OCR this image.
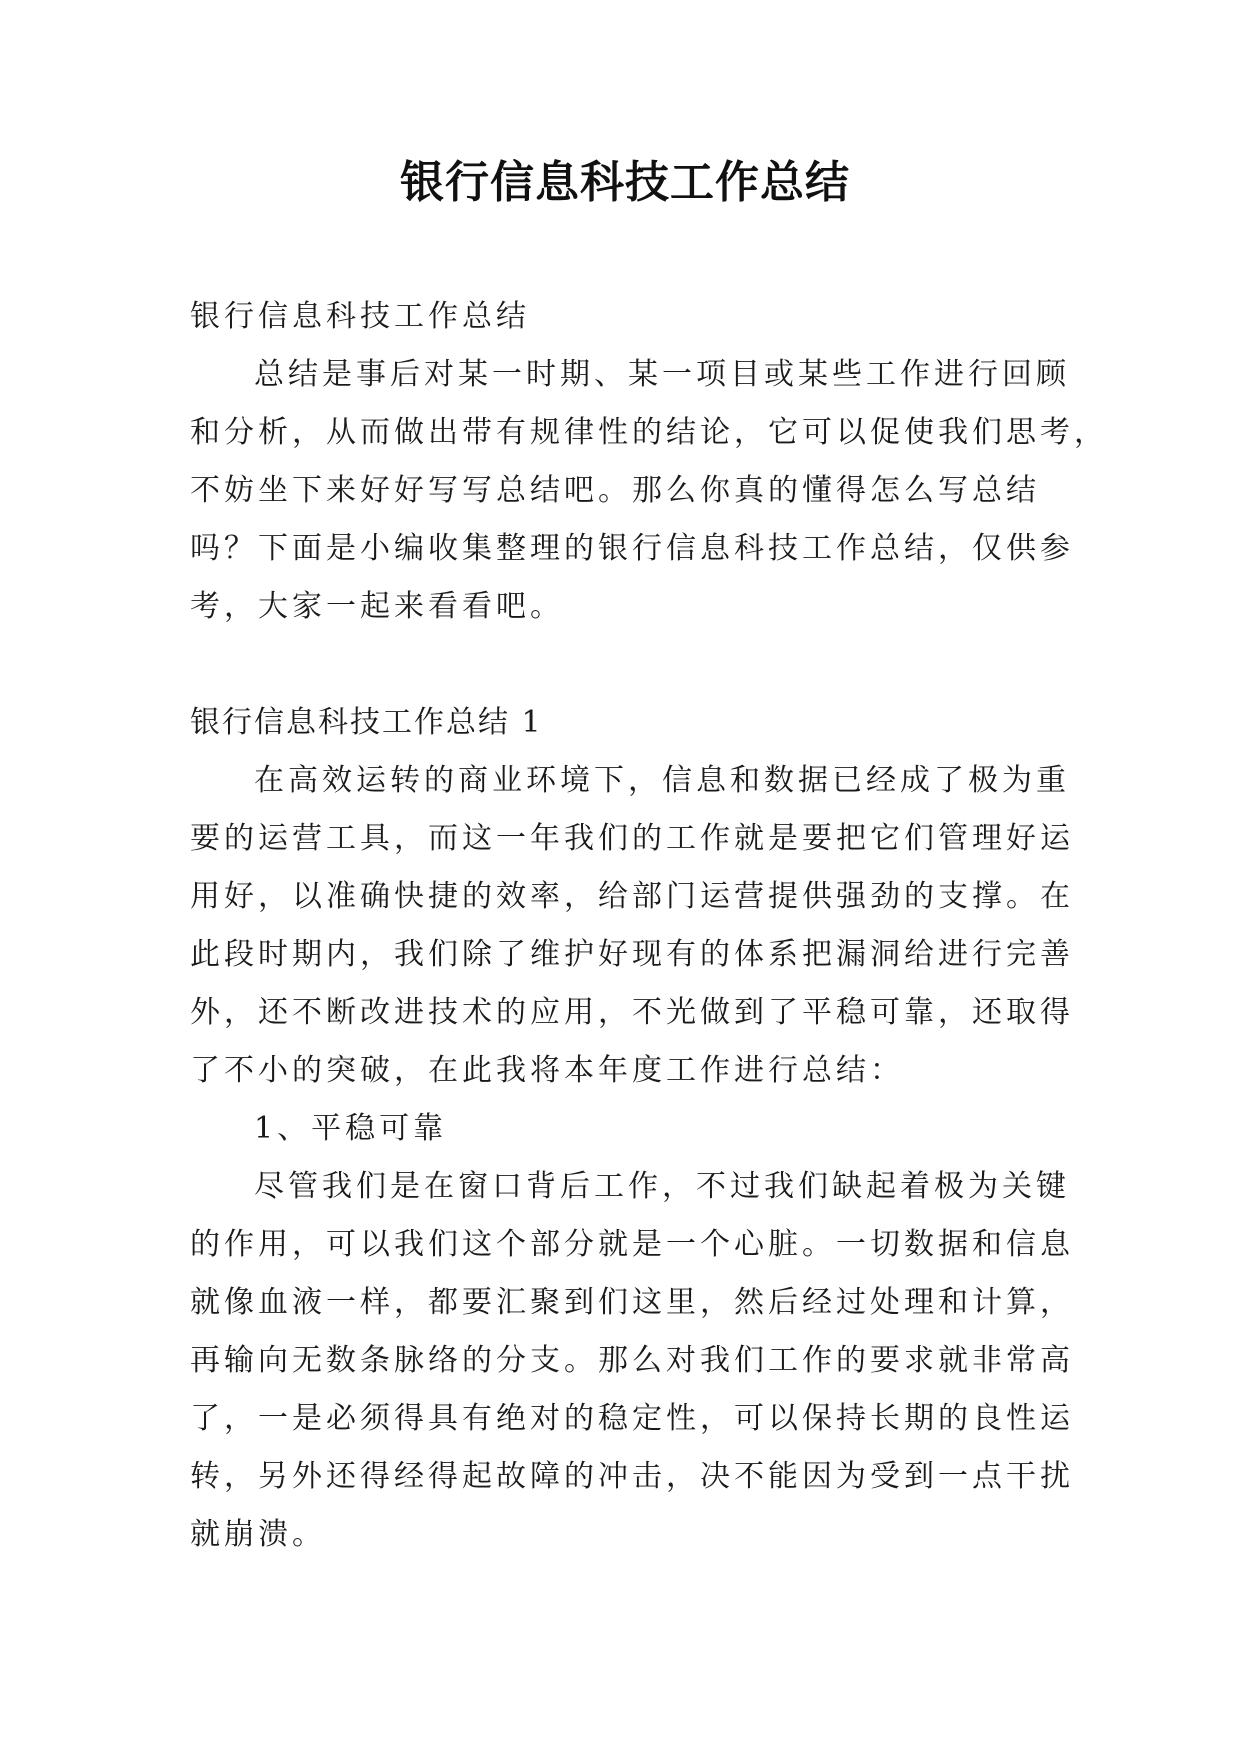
银行信息科技工作总结
银行信息科技工作总结
总结是事后对某一时期、某一项目或某些工作进行回顾
和分析，从而做出带有规律性的结论，它可以促使我们思考，
不妨坐下来好好写写总结吧。那么你真的懂得怎么写总结
吗？下面是小编收集整理的银行信息科技工作总结，仅供参
考，大家一起来看看吧。
银行信息科技工作总结 1
在高效运转的商业环境下，信息和数据已经成了极为重
要的运营工具，而这一年我们的工作就是要把它们管理好运
用好，以准确快捷的效率，给部门运营提供强劲的支撑。在
此段时期内，我们除了维护好现有的体系把漏洞给进行完善
外，还不断改进技术的应用，不光做到了平稳可靠，还取得
了不小的突破，在此我将本年度工作进行总结：
1、平稳可靠
尽管我们是在窗口背后工作，不过我们缺起着极为关键
的作用，可以我们这个部分就是一个心脏。一切数据和信息
就像血液一样，都要汇聚到们这里，然后经过处理和计算，
再输向无数条脉络的分支。那么对我们工作的要求就非常高
了，一是必须得具有绝对的稳定性，可以保持长期的良性运
转，另外还得经得起故障的冲击，决不能因为受到一点干扰
就崩溃。
